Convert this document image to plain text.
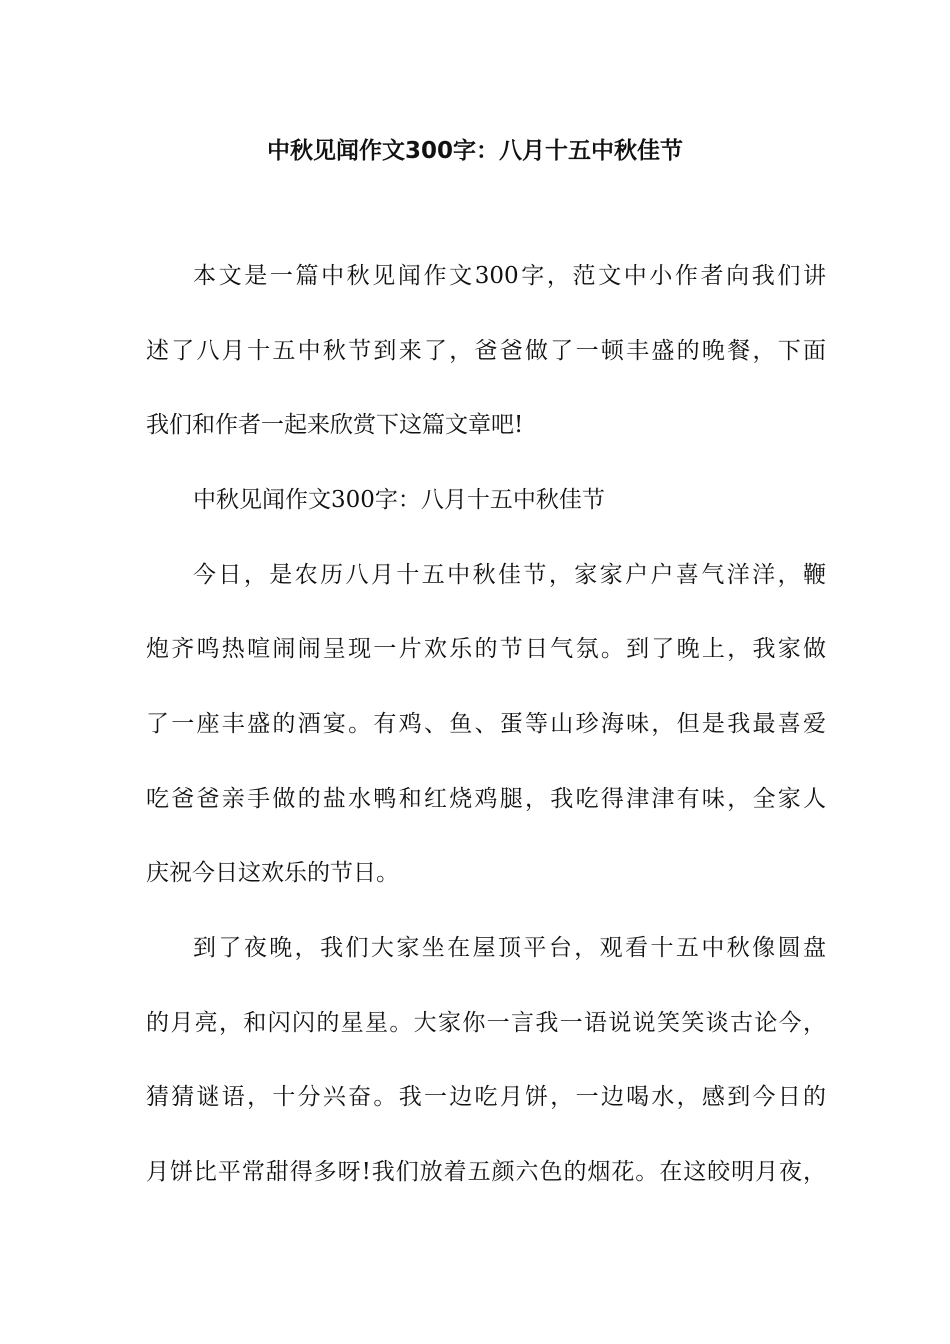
中秋见闻作文300字：八月十五中秋佳节
本文是一篇中秋见闻作文300字，范文中小作者向我们讲
述了八月十五中秋节到来了，爸爸做了一顿丰盛的晚餐，下面
我们和作者一起来欣赏下这篇文章吧!
中秋见闻作文300字：八月十五中秋佳节
今日，是农历八月十五中秋佳节，家家户户喜气洋洋，鞭
炮齐鸣热喧闹闹呈现一片欢乐的节日气氛。到了晚上，我家做
了一座丰盛的酒宴。有鸡、鱼、蛋等山珍海味，但是我最喜爱
吃爸爸亲手做的盐水鸭和红烧鸡腿，我吃得津津有味，全家人
庆祝今日这欢乐的节日。
到了夜晚，我们大家坐在屋顶平台，观看十五中秋像圆盘
的月亮，和闪闪的星星。大家你一言我一语说说笑笑谈古论今，
猜猜谜语，十分兴奋。我一边吃月饼，一边喝水，感到今日的
月饼比平常甜得多呀!我们放着五颜六色的烟花。在这皎明月夜，
